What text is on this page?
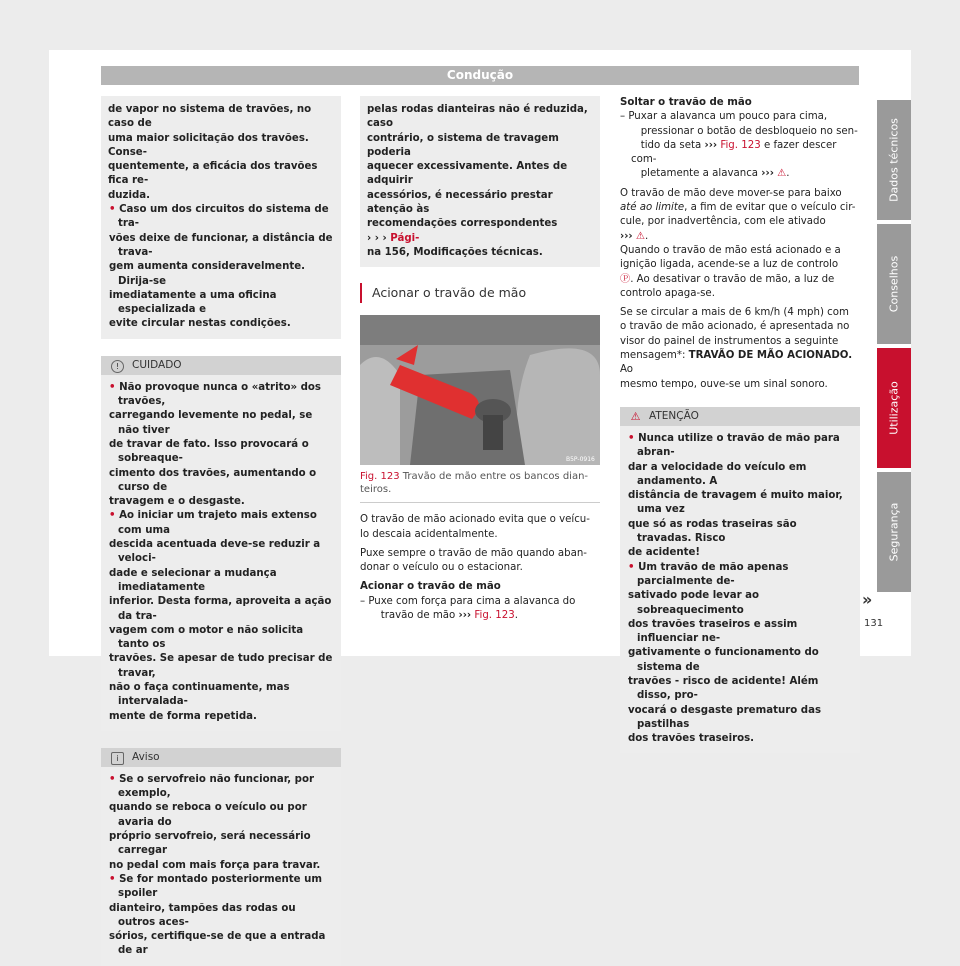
Condução
de vapor no sistema de travões, no caso de
uma maior solicitação dos travões. Conse-
quentemente, a eficácia dos travões fica re-
duzida.
• Caso um dos circuitos do sistema de tra-
vões deixe de funcionar, a distância de trava-
gem aumenta consideravelmente. Dirija-se
imediatamente a uma oficina especializada e
evite circular nestas condições.
! CUIDADO
• Não provoque nunca o «atrito» dos travões,
carregando levemente no pedal, se não tiver
de travar de fato. Isso provocará o sobreaque-
cimento dos travões, aumentando o curso de
travagem e o desgaste.
• Ao iniciar um trajeto mais extenso com uma
descida acentuada deve-se reduzir a veloci-
dade e selecionar a mudança imediatamente
inferior. Desta forma, aproveita a ação da tra-
vagem com o motor e não solicita tanto os
travões. Se apesar de tudo precisar de travar,
não o faça continuamente, mas intervalada-
mente de forma repetida.
i Aviso
• Se o servofreio não funcionar, por exemplo,
quando se reboca o veículo ou por avaria do
próprio servofreio, será necessário carregar
no pedal com mais força para travar.
• Se for montado posteriormente um spoiler
dianteiro, tampões das rodas ou outros aces-
sórios, certifique-se de que a entrada de ar
pelas rodas dianteiras não é reduzida, caso
contrário, o sistema de travagem poderia
aquecer excessivamente. Antes de adquirir
acessórios, é necessário prestar atenção às
recomendações correspondentes
› › › Pági-
na 156, Modificações técnicas.
Acionar o travão de mão
B5P-0916
Fig. 123 Travão de mão entre os bancos dian-
teiros.
O travão de mão acionado evita que o veícu-
lo descaia acidentalmente.
Puxe sempre o travão de mão quando aban-
donar o veículo ou o estacionar.
Acionar o travão de mão
– Puxe com força para cima a alavanca do
travão de mão ››› Fig. 123.
Soltar o travão de mão
– Puxar a alavanca um pouco para cima,
pressionar o botão de desbloqueio no sen-
tido da seta ››› Fig. 123 e fazer descer com-
pletamente a alavanca ››› ⚠.
O travão de mão deve mover-se para baixo
até ao limite, a fim de evitar que o veículo cir-
cule, por inadvertência, com ele ativado
››› ⚠.
Quando o travão de mão está acionado e a
ignição ligada, acende-se a luz de controlo
Ⓟ. Ao desativar o travão de mão, a luz de
controlo apaga-se.
Se se circular a mais de 6 km/h (4 mph) com
o travão de mão acionado, é apresentada no
visor do painel de instrumentos a seguinte
mensagem*: TRAVÃO DE MÃO ACIONADO. Ao
mesmo tempo, ouve-se um sinal sonoro.
⚠ ATENÇÃO
• Nunca utilize o travão de mão para abran-
dar a velocidade do veículo em andamento. A
distância de travagem é muito maior, uma vez
que só as rodas traseiras são travadas. Risco
de acidente!
• Um travão de mão apenas parcialmente de-
sativado pode levar ao sobreaquecimento
dos travões traseiros e assim influenciar ne-
gativamente o funcionamento do sistema de
travões - risco de acidente! Além disso, pro-
vocará o desgaste prematuro das pastilhas
dos travões traseiros.
»
Dados técnicos
Conselhos
Utilização
Segurança
131
